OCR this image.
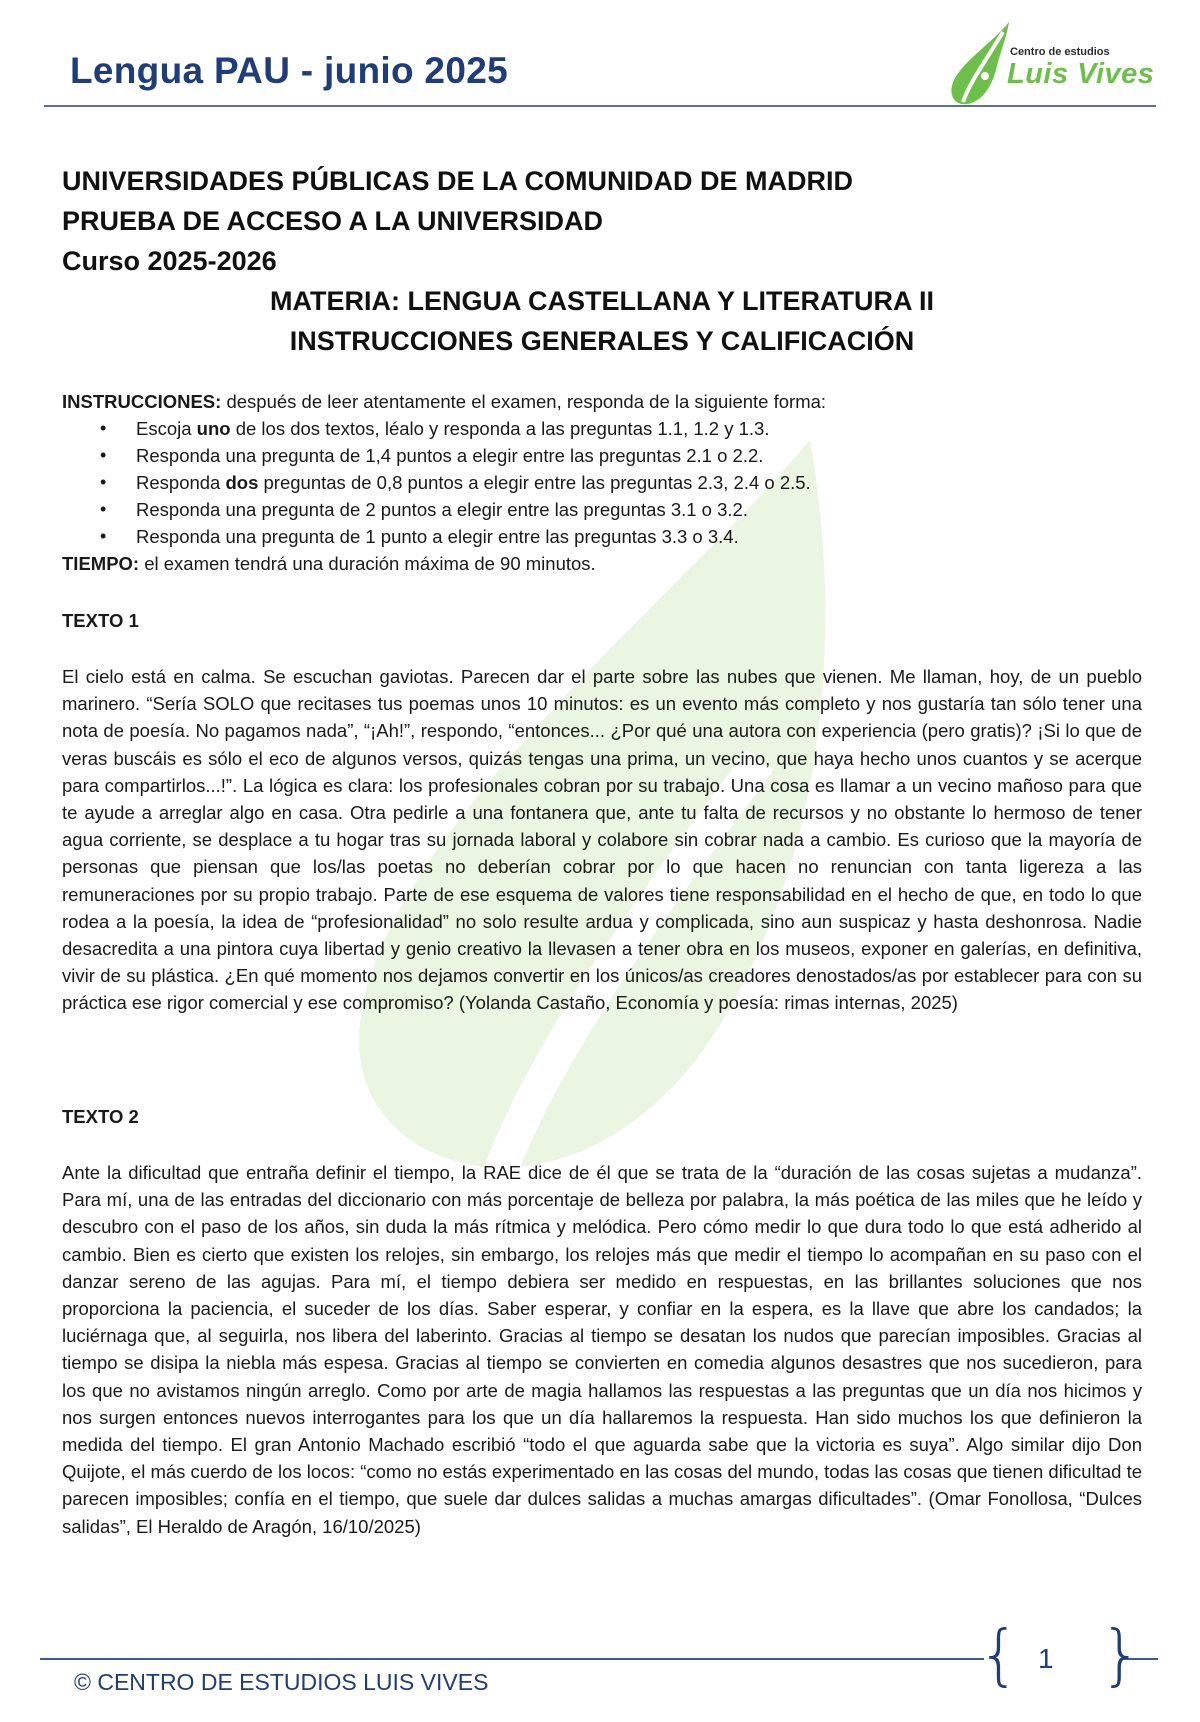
Lengua PAU - junio 2025	Centro de estudios
Luis Vives

UNIVERSIDADES PÚBLICAS DE LA COMUNIDAD DE MADRID

PRUEBA DE ACCESO A LA UNIVERSIDAD

Curso 2025-2026

MATERIA: LENGUA CASTELLANA Y LITERATURA II

INSTRUCCIONES GENERALES Y CALIFICACIÓN

INSTRUCCIONES: después de leer atentamente el examen, responda de la siguiente forma:

• Escoja uno de los dos textos, léalo y responda a las preguntas 1.1, 1.2 y 1.3.
• Responda una pregunta de 1,4 puntos a elegir entre las preguntas 2.1 o 2.2.
• Responda dos preguntas de 0,8 puntos a elegir entre las preguntas 2.3, 2.4 o 2.5.
• Responda una pregunta de 2 puntos a elegir entre las preguntas 3.1 o 3.2.
• Responda una pregunta de 1 punto a elegir entre las preguntas 3.3 o 3.4.

TIEMPO: el examen tendrá una duración máxima de 90 minutos.

TEXTO 1

El cielo está en calma. Se escuchan gaviotas. Parecen dar el parte sobre las nubes que vienen. Me llaman, hoy, de un pueblo marinero. “Sería SOLO que recitases tus poemas unos 10 minutos: es un evento más completo y nos gustaría tan sólo tener una nota de poesía. No pagamos nada”, “¡Ah!”, respondo, “entonces... ¿Por qué una autora con experiencia (pero gratis)? ¡Si lo que de veras buscáis es sólo el eco de algunos versos, quizás tengas una prima, un vecino, que haya hecho unos cuantos y se acerque para compartirlos...!”. La lógica es clara: los profesionales cobran por su trabajo. Una cosa es llamar a un vecino mañoso para que te ayude a arreglar algo en casa. Otra pedirle a una fontanera que, ante tu falta de recursos y no obstante lo hermoso de tener agua corriente, se desplace a tu hogar tras su jornada laboral y colabore sin cobrar nada a cambio. Es curioso que la mayoría de personas que piensan que los/las poetas no deberían cobrar por lo que hacen no renuncian con tanta ligereza a las remuneraciones por su propio trabajo. Parte de ese esquema de valores tiene responsabilidad en el hecho de que, en todo lo que rodea a la poesía, la idea de “profesionalidad” no solo resulte ardua y complicada, sino aun suspicaz y hasta deshonrosa. Nadie desacredita a una pintora cuya libertad y genio creativo la llevasen a tener obra en los museos, exponer en galerías, en definitiva, vivir de su plástica. ¿En qué momento nos dejamos convertir en los únicos/as creadores denostados/as por establecer para con su práctica ese rigor comercial y ese compromiso? (Yolanda Castaño, Economía y poesía: rimas internas, 2025)

TEXTO 2

Ante la dificultad que entraña definir el tiempo, la RAE dice de él que se trata de la “duración de las cosas sujetas a mudanza”. Para mí, una de las entradas del diccionario con más porcentaje de belleza por palabra, la más poética de las miles que he leído y descubro con el paso de los años, sin duda la más rítmica y melódica. Pero cómo medir lo que dura todo lo que está adherido al cambio. Bien es cierto que existen los relojes, sin embargo, los relojes más que medir el tiempo lo acompañan en su paso con el danzar sereno de las agujas. Para mí, el tiempo debiera ser medido en respuestas, en las brillantes soluciones que nos proporciona la paciencia, el suceder de los días. Saber esperar, y confiar en la espera, es la llave que abre los candados; la luciérnaga que, al seguirla, nos libera del laberinto. Gracias al tiempo se desatan los nudos que parecían imposibles. Gracias al tiempo se disipa la niebla más espesa. Gracias al tiempo se convierten en comedia algunos desastres que nos sucedieron, para los que no avistamos ningún arreglo. Como por arte de magia hallamos las respuestas a las preguntas que un día nos hicimos y nos surgen entonces nuevos interrogantes para los que un día hallaremos la respuesta. Han sido muchos los que definieron la medida del tiempo. El gran Antonio Machado escribió “todo el que aguarda sabe que la victoria es suya”. Algo similar dijo Don Quijote, el más cuerdo de los locos: “como no estás experimentado en las cosas del mundo, todas las cosas que tienen dificultad te parecen imposibles; confía en el tiempo, que suele dar dulces salidas a muchas amargas dificultades”. (Omar Fonollosa, “Dulces salidas”, El Heraldo de Aragón, 16/10/2025)

{ 1 }

© CENTRO DE ESTUDIOS LUIS VIVES
